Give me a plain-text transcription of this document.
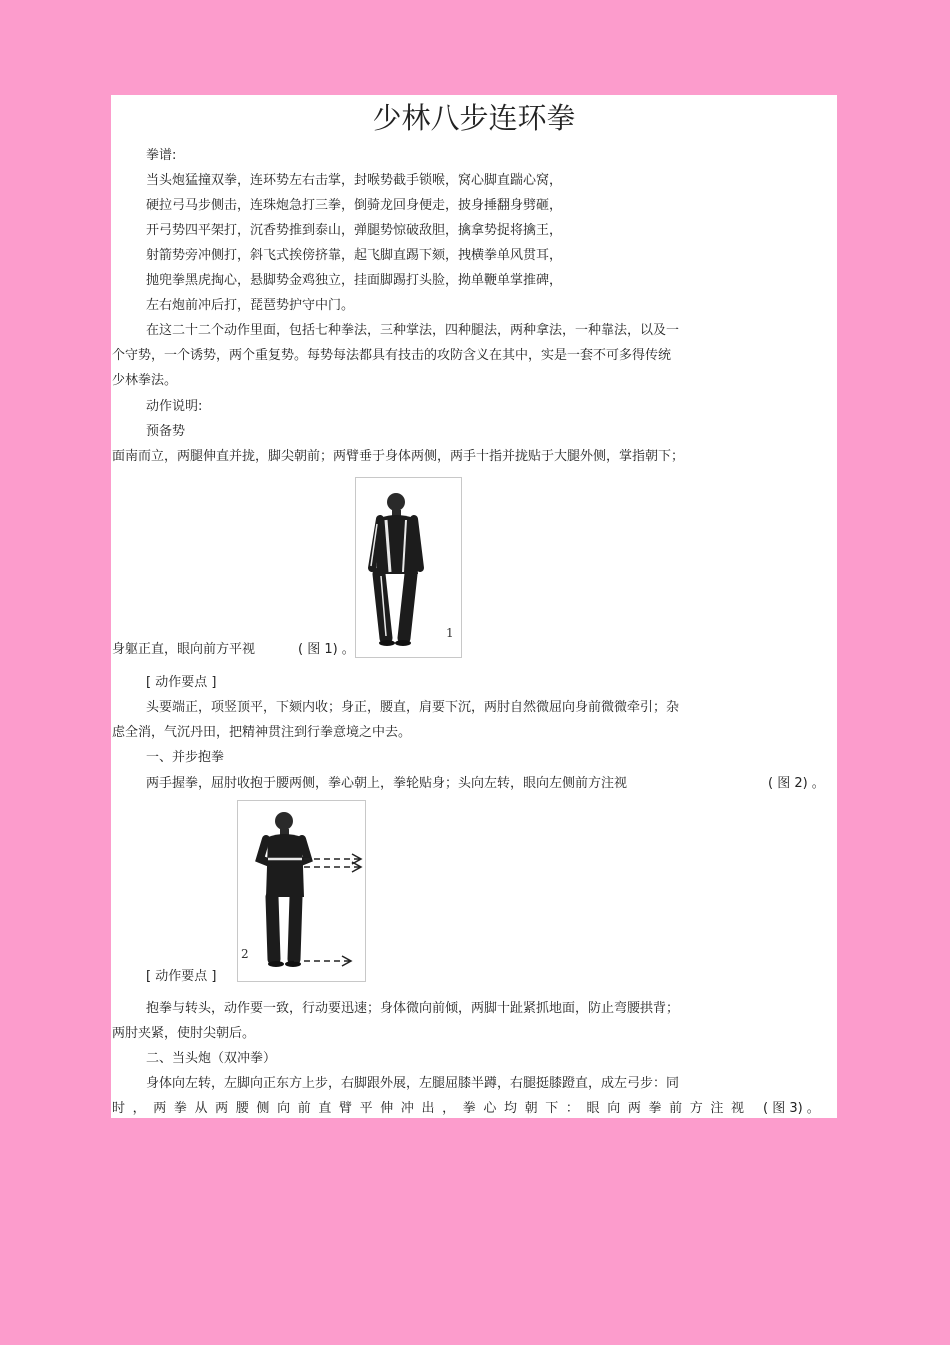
少林八步连环拳
拳谱:
当头炮猛撞双拳，连环势左右击掌，封喉势截手锁喉，窝心脚直踹心窝，
硬拉弓马步侧击，连珠炮急打三拳，倒骑龙回身便走，披身捶翻身劈砸，
开弓势四平架打，沉香势推到泰山，弹腿势惊破敌胆，擒拿势捉将擒王，
射箭势旁冲侧打，斜飞式挨傍挤靠，起飞脚直踢下颏，拽横拳单风贯耳，
抛兜拳黑虎掏心，悬脚势金鸡独立，挂面脚踢打头脸，拗单鞭单掌推碑，
左右炮前冲后打，琵琶势护守中门。
在这二十二个动作里面，包括七种拳法，三种掌法，四种腿法，两种拿法，一种靠法，以及一
个守势，一个诱势，两个重复势。每势每法都具有技击的攻防含义在其中，实是一套不可多得传统
少林拳法。
动作说明:
预备势
面南而立，两腿伸直并拢，脚尖朝前；两臂垂于身体两侧，两手十指并拢贴于大腿外侧，掌指朝下；
1
身躯正直，眼向前方平视	( 图 1) 。
[ 动作要点 ]
头要端正，项竖顶平，下颏内收；身正，腰直，肩要下沉，两肘自然微屈向身前微微牵引；杂
虑全消，气沉丹田，把精神贯注到行拳意境之中去。
一、并步抱拳
两手握拳，屈肘收抱于腰两侧，拳心朝上，拳轮贴身；头向左转，眼向左侧前方注视	( 图 2) 。
2
[ 动作要点 ]
抱拳与转头，动作要一致，行动要迅速；身体微向前倾，两脚十趾紧抓地面，防止弯腰拱背；
两肘夹紧，使肘尖朝后。
二、当头炮（双冲拳）
身体向左转，左脚向正东方上步，右脚跟外展，左腿屈膝半蹲，右腿挺膝蹬直，成左弓步：同
时，两拳从两腰侧向前直臂平伸冲出，拳心均朝下：眼向两拳前方注视 ( 图 3) 。
